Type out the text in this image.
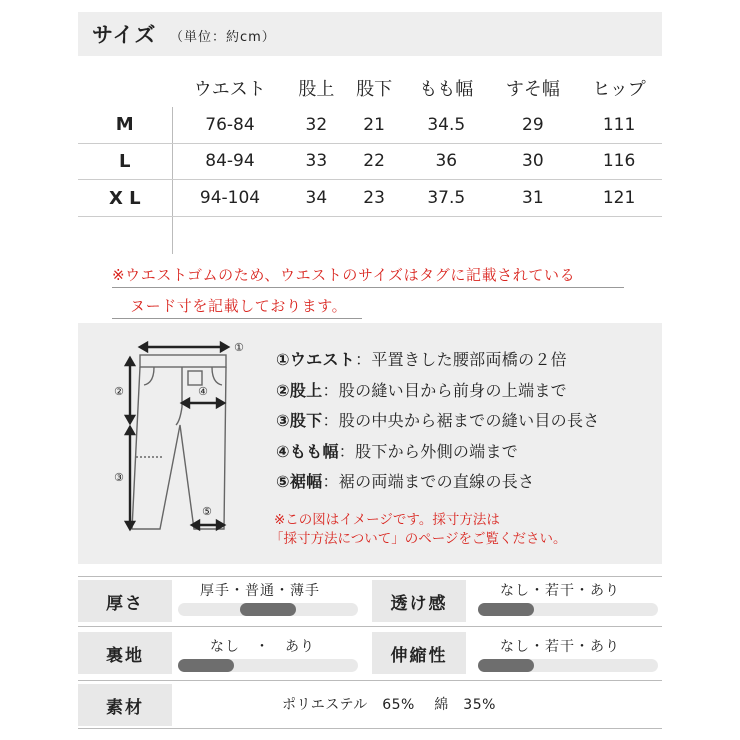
サイズ （単位：約cm）
	ウエスト	股上	股下	もも幅	すそ幅	ヒップ
M	76-84	32	21	34.5	29	111
L	84-94	33	22	36	30	116
X L	94-104	34	23	37.5	31	121

※ウエストゴムのため、ウエストのサイズはタグに記載されている
ヌード寸を記載しております。
①
②
③
④
⑤
①ウエスト：平置きした腰部両橋の２倍
②股上：股の縫い目から前身の上端まで
③股下：股の中央から裾までの縫い目の長さ
④もも幅：股下から外側の端まで
⑤裾幅：裾の両端までの直線の長さ
※この図はイメージです。採寸方法は
「採寸方法について」のページをご覧ください。
厚さ
厚手・普通・薄手
透け感
なし・若干・あり
裏地	なし　・　あり	伸縮性	なし・若干・あり
素材	ポリエステル　65%　 綿　35%
